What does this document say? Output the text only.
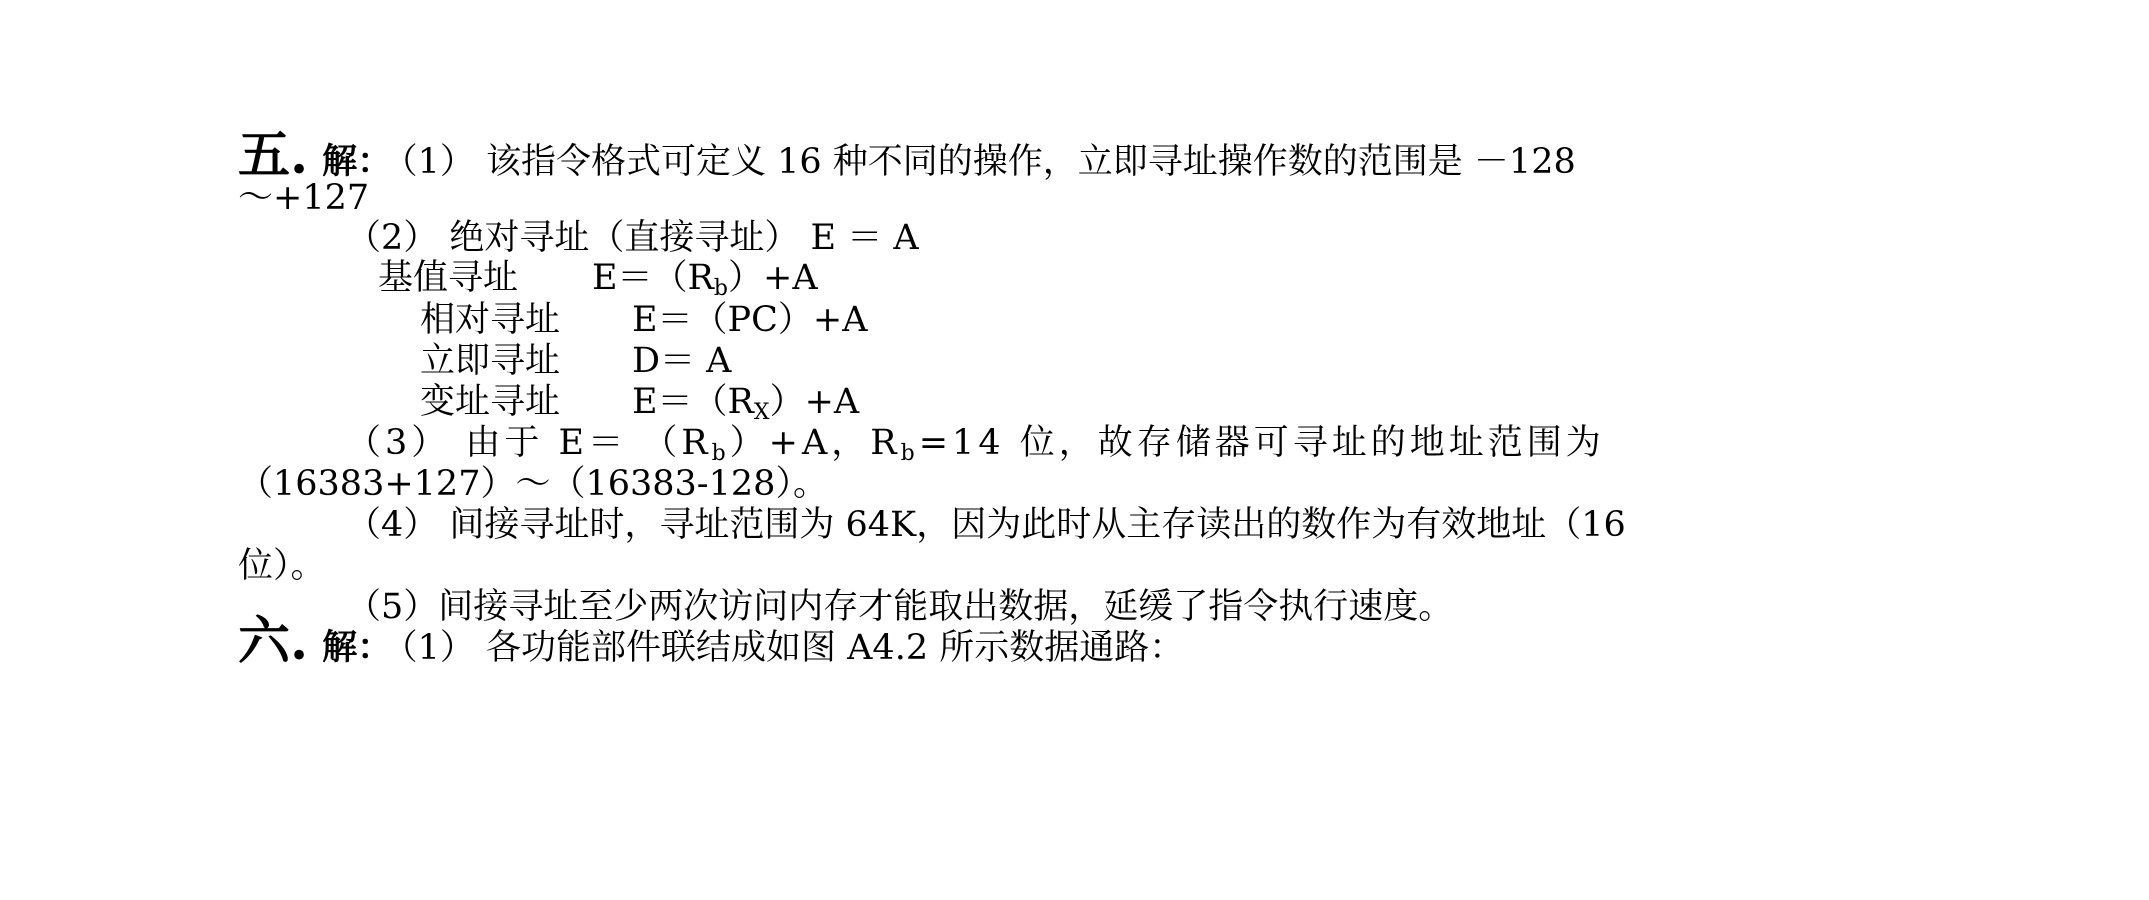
五. 解： （1） 该指令格式可定义 16 种不同的操作，立即寻址操作数的范围是 －128
～+127
（2） 绝对寻址（直接寻址） E ＝ A
基值寻址 $E=(R_b)+A$
相对寻址 E＝（PC）+A
立即寻址 D＝ A
变址寻址 $E=(R_X)+A$
（3） 由于 $E= (R_b)+A$，$R_b=14$ 位，故存储器可寻址的地址范围为
（16383+127）～（16383-128）。
（4） 间接寻址时，寻址范围为 64K，因为此时从主存读出的数作为有效地址（16
位）。
（5）间接寻址至少两次访问内存才能取出数据，延缓了指令执行速度。
六. 解： （1） 各功能部件联结成如图 A4.2 所示数据通路：
